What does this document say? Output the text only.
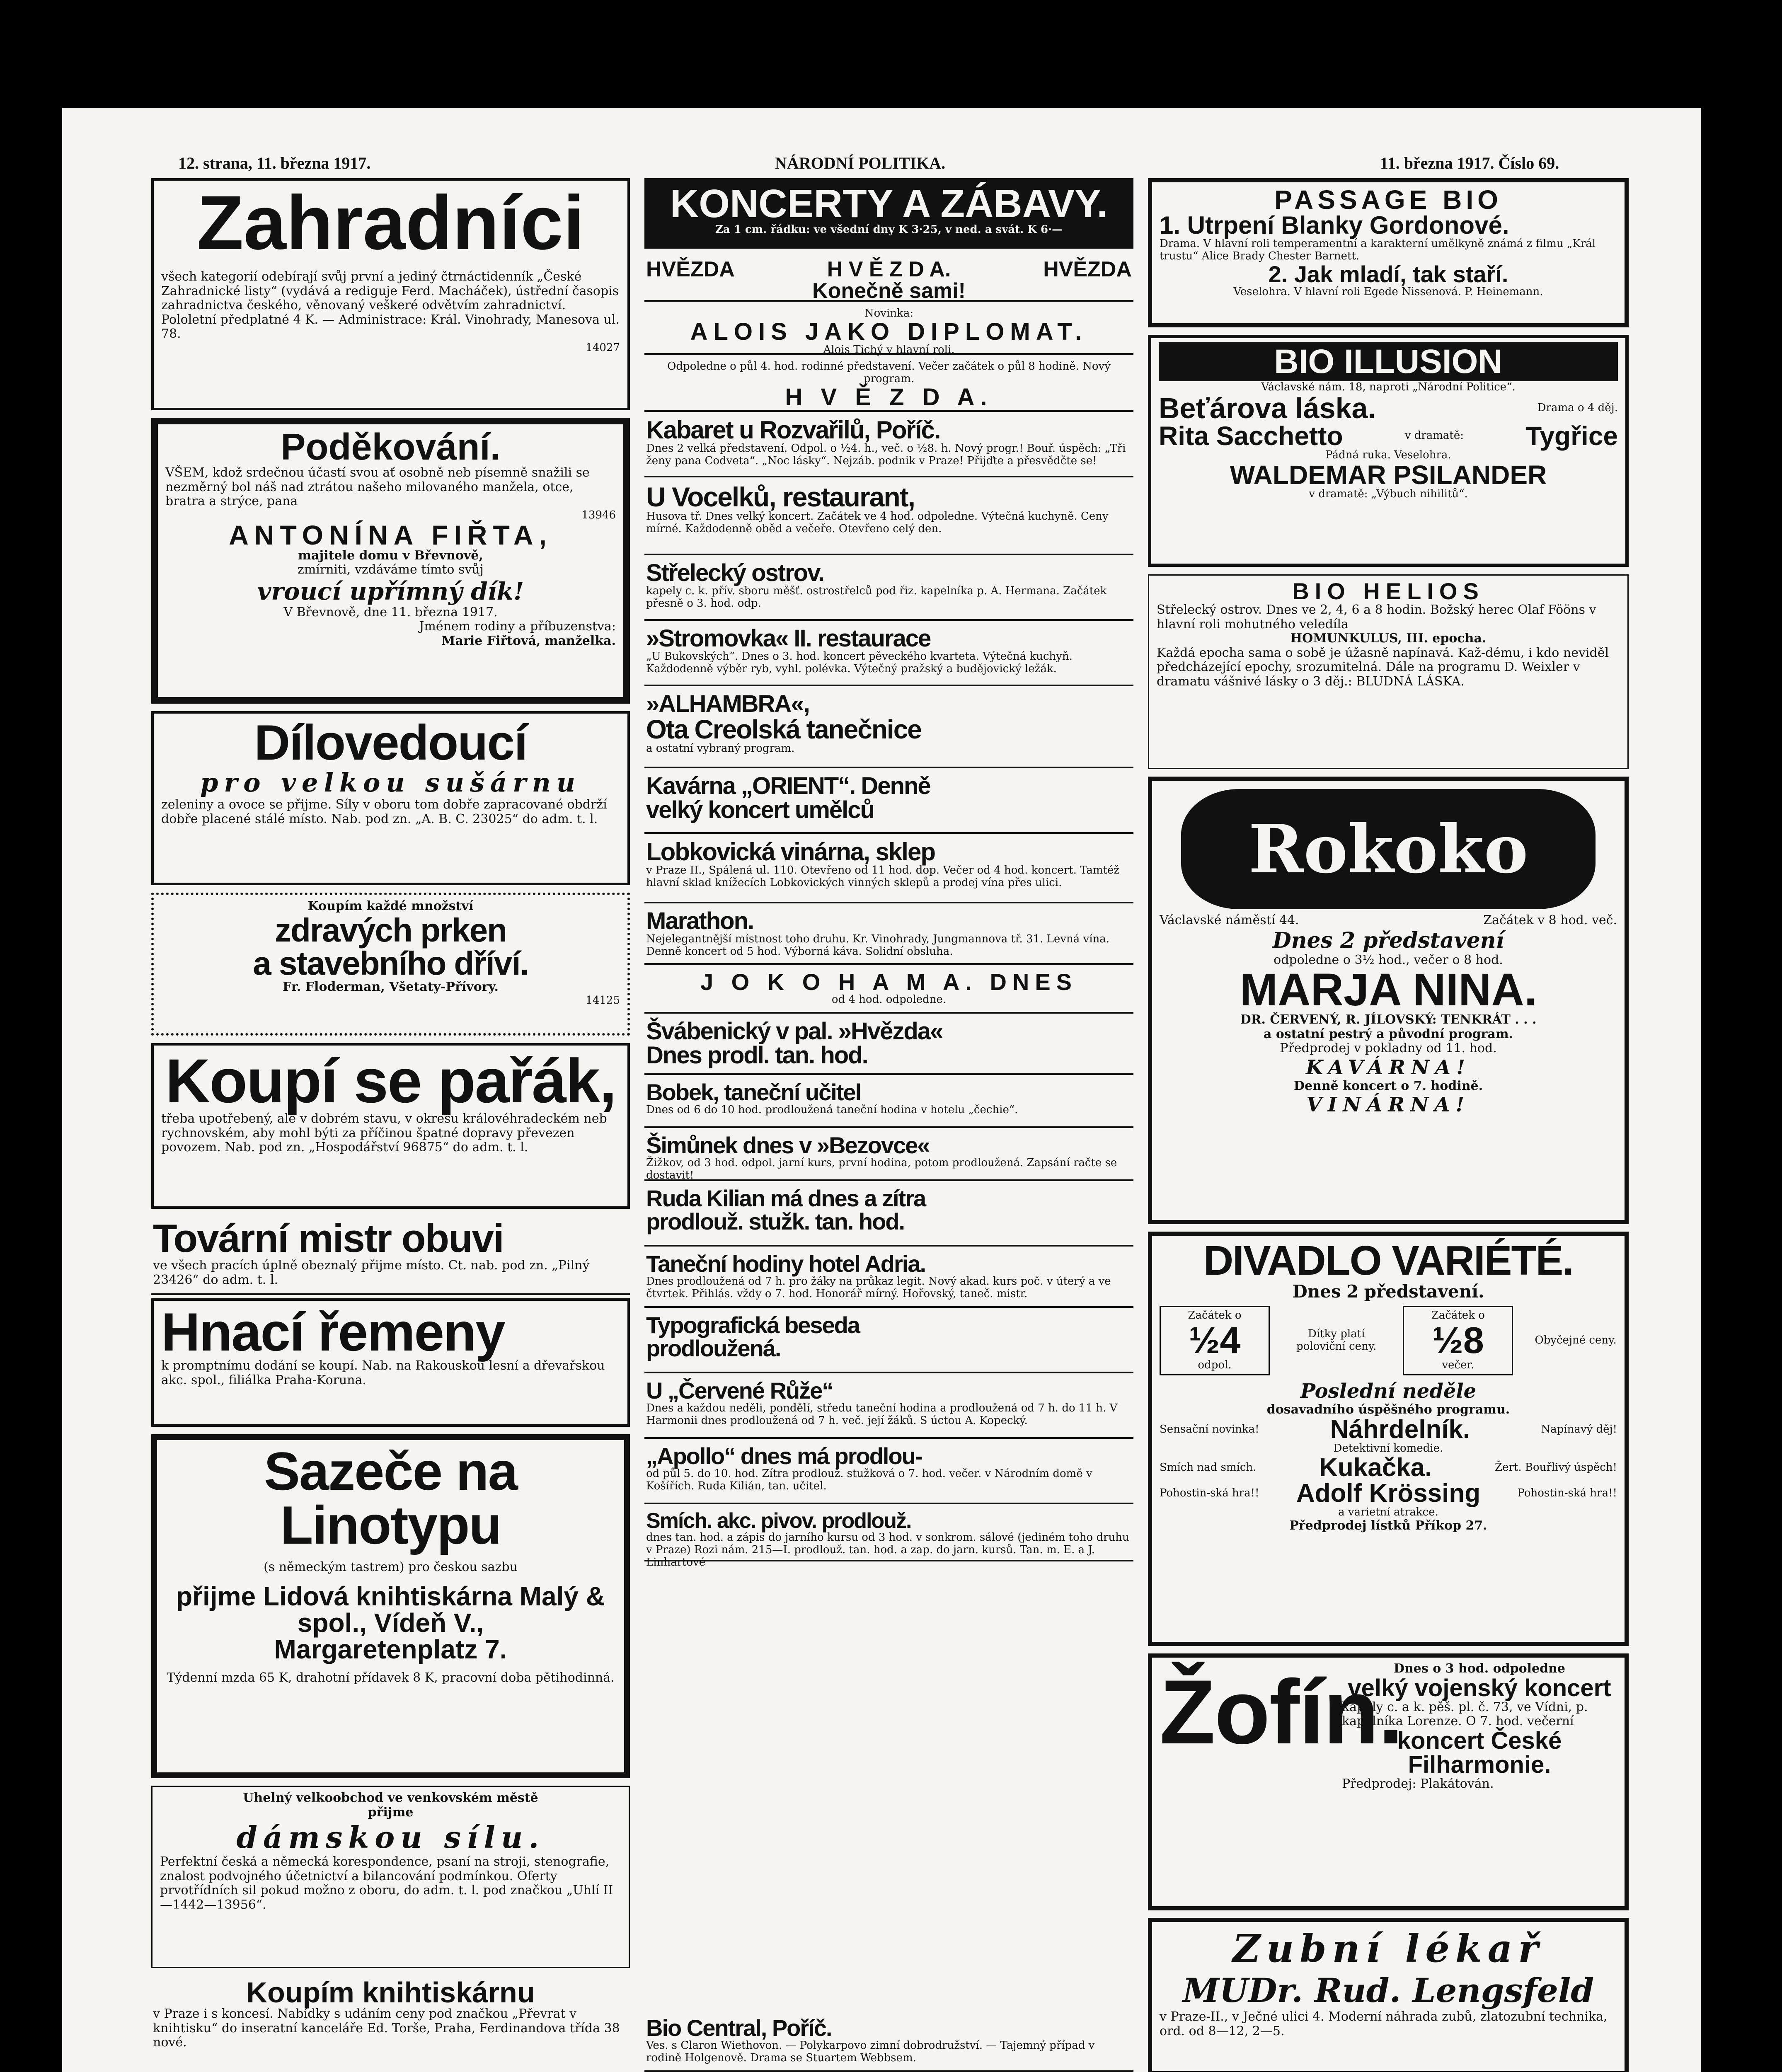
12. strana, 11. března 1917.	NÁRODNÍ POLITIKA.	11. března 1917. Číslo 69.
Zahradníci
všech kategorií odebírají svůj první a jediný čtrnáctidenník „České Zahradnické listy“ (vydává a rediguje Ferd. Macháček), ústřední časopis zahradnictva českého, věnovaný veškeré odvětvím zahradnictví. Pololetní předplatné 4 K. — Administrace: Král. Vinohrady, Manesova ul. 78.
14027
Poděkování.
VŠEM, kdož srdečnou účastí svou ať osobně neb písemně snažili se nezměrný bol náš nad ztrátou našeho milovaného manžela, otce, bratra a strýce, pana
13946
ANTONÍNA FIŘTA,
majitele domu v Břevnově,
zmírniti, vzdáváme tímto svůj
vroucí upřímný dík!
V Břevnově, dne 11. března 1917.
Jménem rodiny a příbuzenstva:
Marie Fiřtová, manželka.
Dílovedoucí
pro velkou sušárnu
zeleniny a ovoce se přijme. Síly v oboru tom dobře zapracované obdrží dobře placené stálé místo. Nab. pod zn. „A. B. C. 23025“ do adm. t. l.
Koupím každé množství
zdravých prken
a stavebního dříví.
Fr. Floderman, Všetaty-Přívory.
14125
Koupí se pařák,
třeba upotřebený, ale v dobrém stavu, v okresu královéhradeckém neb rychnovském, aby mohl býti za příčinou špatné dopravy převezen povozem. Nab. pod zn. „Hospodářství 96875“ do adm. t. l.
Tovární mistr obuvi
ve všech pracích úplně obeznalý přijme místo. Ct. nab. pod zn. „Pilný 23426“ do adm. t. l.
Hnací řemeny
k promptnímu dodání se koupí. Nab. na Rakouskou lesní a dřevařskou akc. spol., filiálka Praha-Koruna.
Sazeče na Linotypu
(s německým tastrem) pro českou sazbu
přijme Lidová knihtiskárna Malý & spol., Vídeň V.,
Margaretenplatz 7.
Týdenní mzda 65 K, drahotní přídavek 8 K, pracovní doba pětihodinná.
Uhelný velkoobchod ve venkovském městě
přijme
dámskou sílu.
Perfektní česká a německá korespondence, psaní na stroji, stenografie, znalost podvojného účetnictví a bilancování podmínkou. Oferty prvotřídních sil pokud možno z oboru, do adm. t. l. pod značkou „Uhlí II—1442—13956“.
Koupím knihtiskárnu
v Praze i s koncesí. Nabídky s udáním ceny pod značkou „Převrat v knihtisku“ do inseratní kanceláře Ed. Torše, Praha, Ferdinandova třída 38 nové.
KONCERTY A ZÁBAVY.
Za 1 cm. řádku: ve všední dny K 3·25, v ned. a svát. K 6·—
HVĚZDA	H V Ě Z D A.	HVĚZDA
Konečně sami!
Novinka:
ALOIS JAKO DIPLOMAT.
Alois Tichý v hlavní roli.
Odpoledne o půl 4. hod. rodinné představení. Večer začátek o půl 8 hodině. Nový program.
H V Ě Z D A.
Kabaret u Rozvařilů, Poříč.
Dnes 2 velká představení. Odpol. o ½4. h., več. o ½8. h. Nový progr.! Bouř. úspěch: „Tři ženy pana Codveta“. „Noc lásky“. Nejzáb. podnik v Praze! Přijďte a přesvědčte se!
U Vocelků, restaurant,
Husova tř. Dnes velký koncert. Začátek ve 4 hod. odpoledne. Výtečná kuchyně. Ceny mírné. Každodenně oběd a večeře. Otevřeno celý den.
Střelecký ostrov.
kapely c. k. přív. sboru měšť. ostrostřelců pod řiz. kapelníka p. A. Hermana. Začátek přesně o 3. hod. odp.
»Stromovka« II. restaurace
„U Bukovských“. Dnes o 3. hod. koncert pěveckého kvarteta. Výtečná kuchyň. Každodenně výběr ryb, vyhl. polévka. Výtečný pražský a budějovický ležák.
»ALHAMBRA«,
Ota Creolská tanečnice
a ostatní vybraný program.
Kavárna „ORIENT“. Denně
velký koncert umělců
Lobkovická vinárna, sklep
v Praze II., Spálená ul. 110. Otevřeno od 11 hod. dop. Večer od 4 hod. koncert. Tamtéž hlavní sklad knížecích Lobkovických vinných sklepů a prodej vína přes ulici.
Marathon.
Nejelegantnější místnost toho druhu. Kr. Vinohrady, Jungmannova tř. 31. Levná vína. Denně koncert od 5 hod. Výborná káva. Solidní obsluha.
J O K O H A M A. DNES
od 4 hod. odpoledne.
Švábenický v pal. »Hvězda«
Dnes prodl. tan. hod.
Bobek, taneční učitel
Dnes od 6 do 10 hod. prodloužená taneční hodina v hotelu „čechie“.
Šimůnek dnes v »Bezovce«
Žižkov, od 3 hod. odpol. jarní kurs, první hodina, potom prodloužená. Zapsání račte se dostavit!
Ruda Kilian má dnes a zítra
prodlouž. stužk. tan. hod.
Taneční hodiny hotel Adria.
Dnes prodloužená od 7 h. pro žáky na průkaz legit. Nový akad. kurs poč. v úterý a ve čtvrtek. Přihlás. vždy o 7. hod. Honorář mírný. Hořovský, taneč. mistr.
Typografická beseda
prodloužená.
U „Červené Růže“
Dnes a každou neděli, pondělí, středu taneční hodina a prodloužená od 7 h. do 11 h. V Harmonii dnes prodloužená od 7 h. več. její žáků. S úctou A. Kopecký.
„Apollo“ dnes má prodlou-
od půl 5. do 10. hod. Zítra prodlouž. stužková o 7. hod. večer. v Národním domě v Košířích. Ruda Kilián, tan. učitel.
Smích. akc. pivov. prodlouž.
dnes tan. hod. a zápis do jarního kursu od 3 hod. v sonkrom. sálové (jediném toho druhu v Praze) Rozi nám. 215—I. prodlouž. tan. hod. a zap. do jarn. kursů. Tan. m. E. a J. Linhartové
PASSAGE BIO
1. Utrpení Blanky Gordonové.
Drama. V hlavní roli temperamentní a karakterní umělkyně známá z filmu „Král trustu“ Alice Brady Chester Barnett.
2. Jak mladí, tak staří.
Veselohra. V hlavní roli Egede Nissenová. P. Heinemann.
BIO ILLUSION
Václavské nám. 18, naproti „Národní Politice“.
Beťárova láska.	Drama o 4 děj.
Rita Sacchetto	v dramatě: Tygřice
Pádná ruka. Veselohra.
WALDEMAR PSILANDER
v dramatě: „Výbuch nihilitů“.
BIO HELIOS
Střelecký ostrov. Dnes ve 2, 4, 6 a 8 hodin. Božský herec Olaf Fööns v hlavní roli mohutného veledíla
HOMUNKULUS, III. epocha.
Každá epocha sama o sobě je úžasně napínavá. Kaž-dému, i kdo neviděl předcházející epochy, srozumitelná. Dále na programu D. Weixler v dramatu vášnivé lásky o 3 děj.: BLUDNÁ LÁSKA.
Rokoko
Václavské náměstí 44.	Začátek v 8 hod. več.
Dnes 2 představení
odpoledne o 3½ hod., večer o 8 hod.
MARJA NINA.
DR. ČERVENÝ, R. JÍLOVSKÝ: TENKRÁT . . .
a ostatní pestrý a původní program.
Předprodej v pokladny od 11. hod.
KAVÁRNA!
Denně koncert o 7. hodině.
VINÁRNA!
DIVADLO VARIÉTÉ.
Dnes 2 představení.
Začátek o
½4
odpol.
Dítky platí poloviční ceny.
Začátek o
½8
večer.
Obyčejné ceny.
Poslední neděle
dosavadního úspěšného programu.
Sensační novinka!	Náhrdelník.	Napínavý děj!
Detektivní komedie.
Smích nad smích. Kukačka.	Žert. Bouřlivý úspěch!
Pohostin-ská hra!! Adolf Krössing	Pohostin-ská hra!!
a varietní atrakce.
Předprodej lístků Příkop 27.
Žofín.
Dnes o 3 hod. odpoledne
velký vojenský koncert
kapely c. a k. pěš. pl. č. 73, ve Vídni, p. kapelníka Lorenze. O 7. hod. večerní
koncert České Filharmonie.
Předprodej: Plakátován.
Zubní lékař
MUDr. Rud. Lengsfeld
v Praze-II., v Ječné ulici 4. Moderní náhrada zubů, zlatozubní technika, ord. od 8—12, 2—5.
Bio Central, Poříč.
Ves. s Claron Wiethovon. — Polykarpovo zimní dobrodružství. — Tajemný případ v rodině Holgenově. Drama se Stuartem Webbsem.
